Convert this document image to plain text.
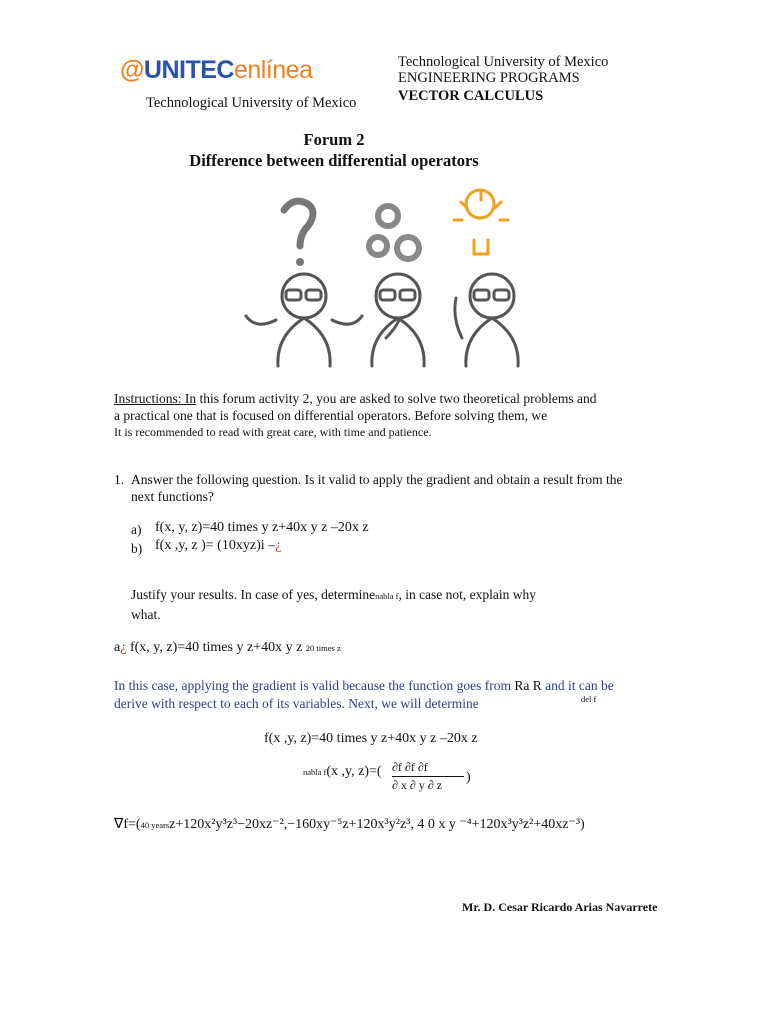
@UNITECenlínea
Technological University of Mexico
Technological University of Mexico
ENGINEERING PROGRAMS
VECTOR CALCULUS
Forum 2
Difference between differential operators
Instructions: In this forum activity 2, you are asked to solve two theoretical problems and
a practical one that is focused on differential operators. Before solving them, we
It is recommended to read with great care, with time and patience.
1. Answer the following question. Is it valid to apply the gradient and obtain a result from the
next functions?
a) f(x, y, z)=40 times y z+40x y z –20x z
b) f(x ,y, z )= (10xyz)i –¿
Justify your results. In case of yes, determinenabla f, in case not, explain why
what.
a¿ f(x, y, z)=40 times y z+40x y z 20 times z
In this case, applying the gradient is valid because the function goes from Ra R and it can be
derive with respect to each of its variables. Next, we will determine	del f
f(x ,y, z)=40 times y z+40x y z –20x z
nabla f(x ,y, z)=( ∂f ∂f ∂f
∂ x ∂ y ∂ z )
∇f=(40 yearsz+120x²y³z³−20xz⁻²,−160xy⁻⁵z+120x³y²z³, 4 0 x y ⁻⁴+120x³y³z²+40xz⁻³)
Mr. D. Cesar Ricardo Arias Navarrete
